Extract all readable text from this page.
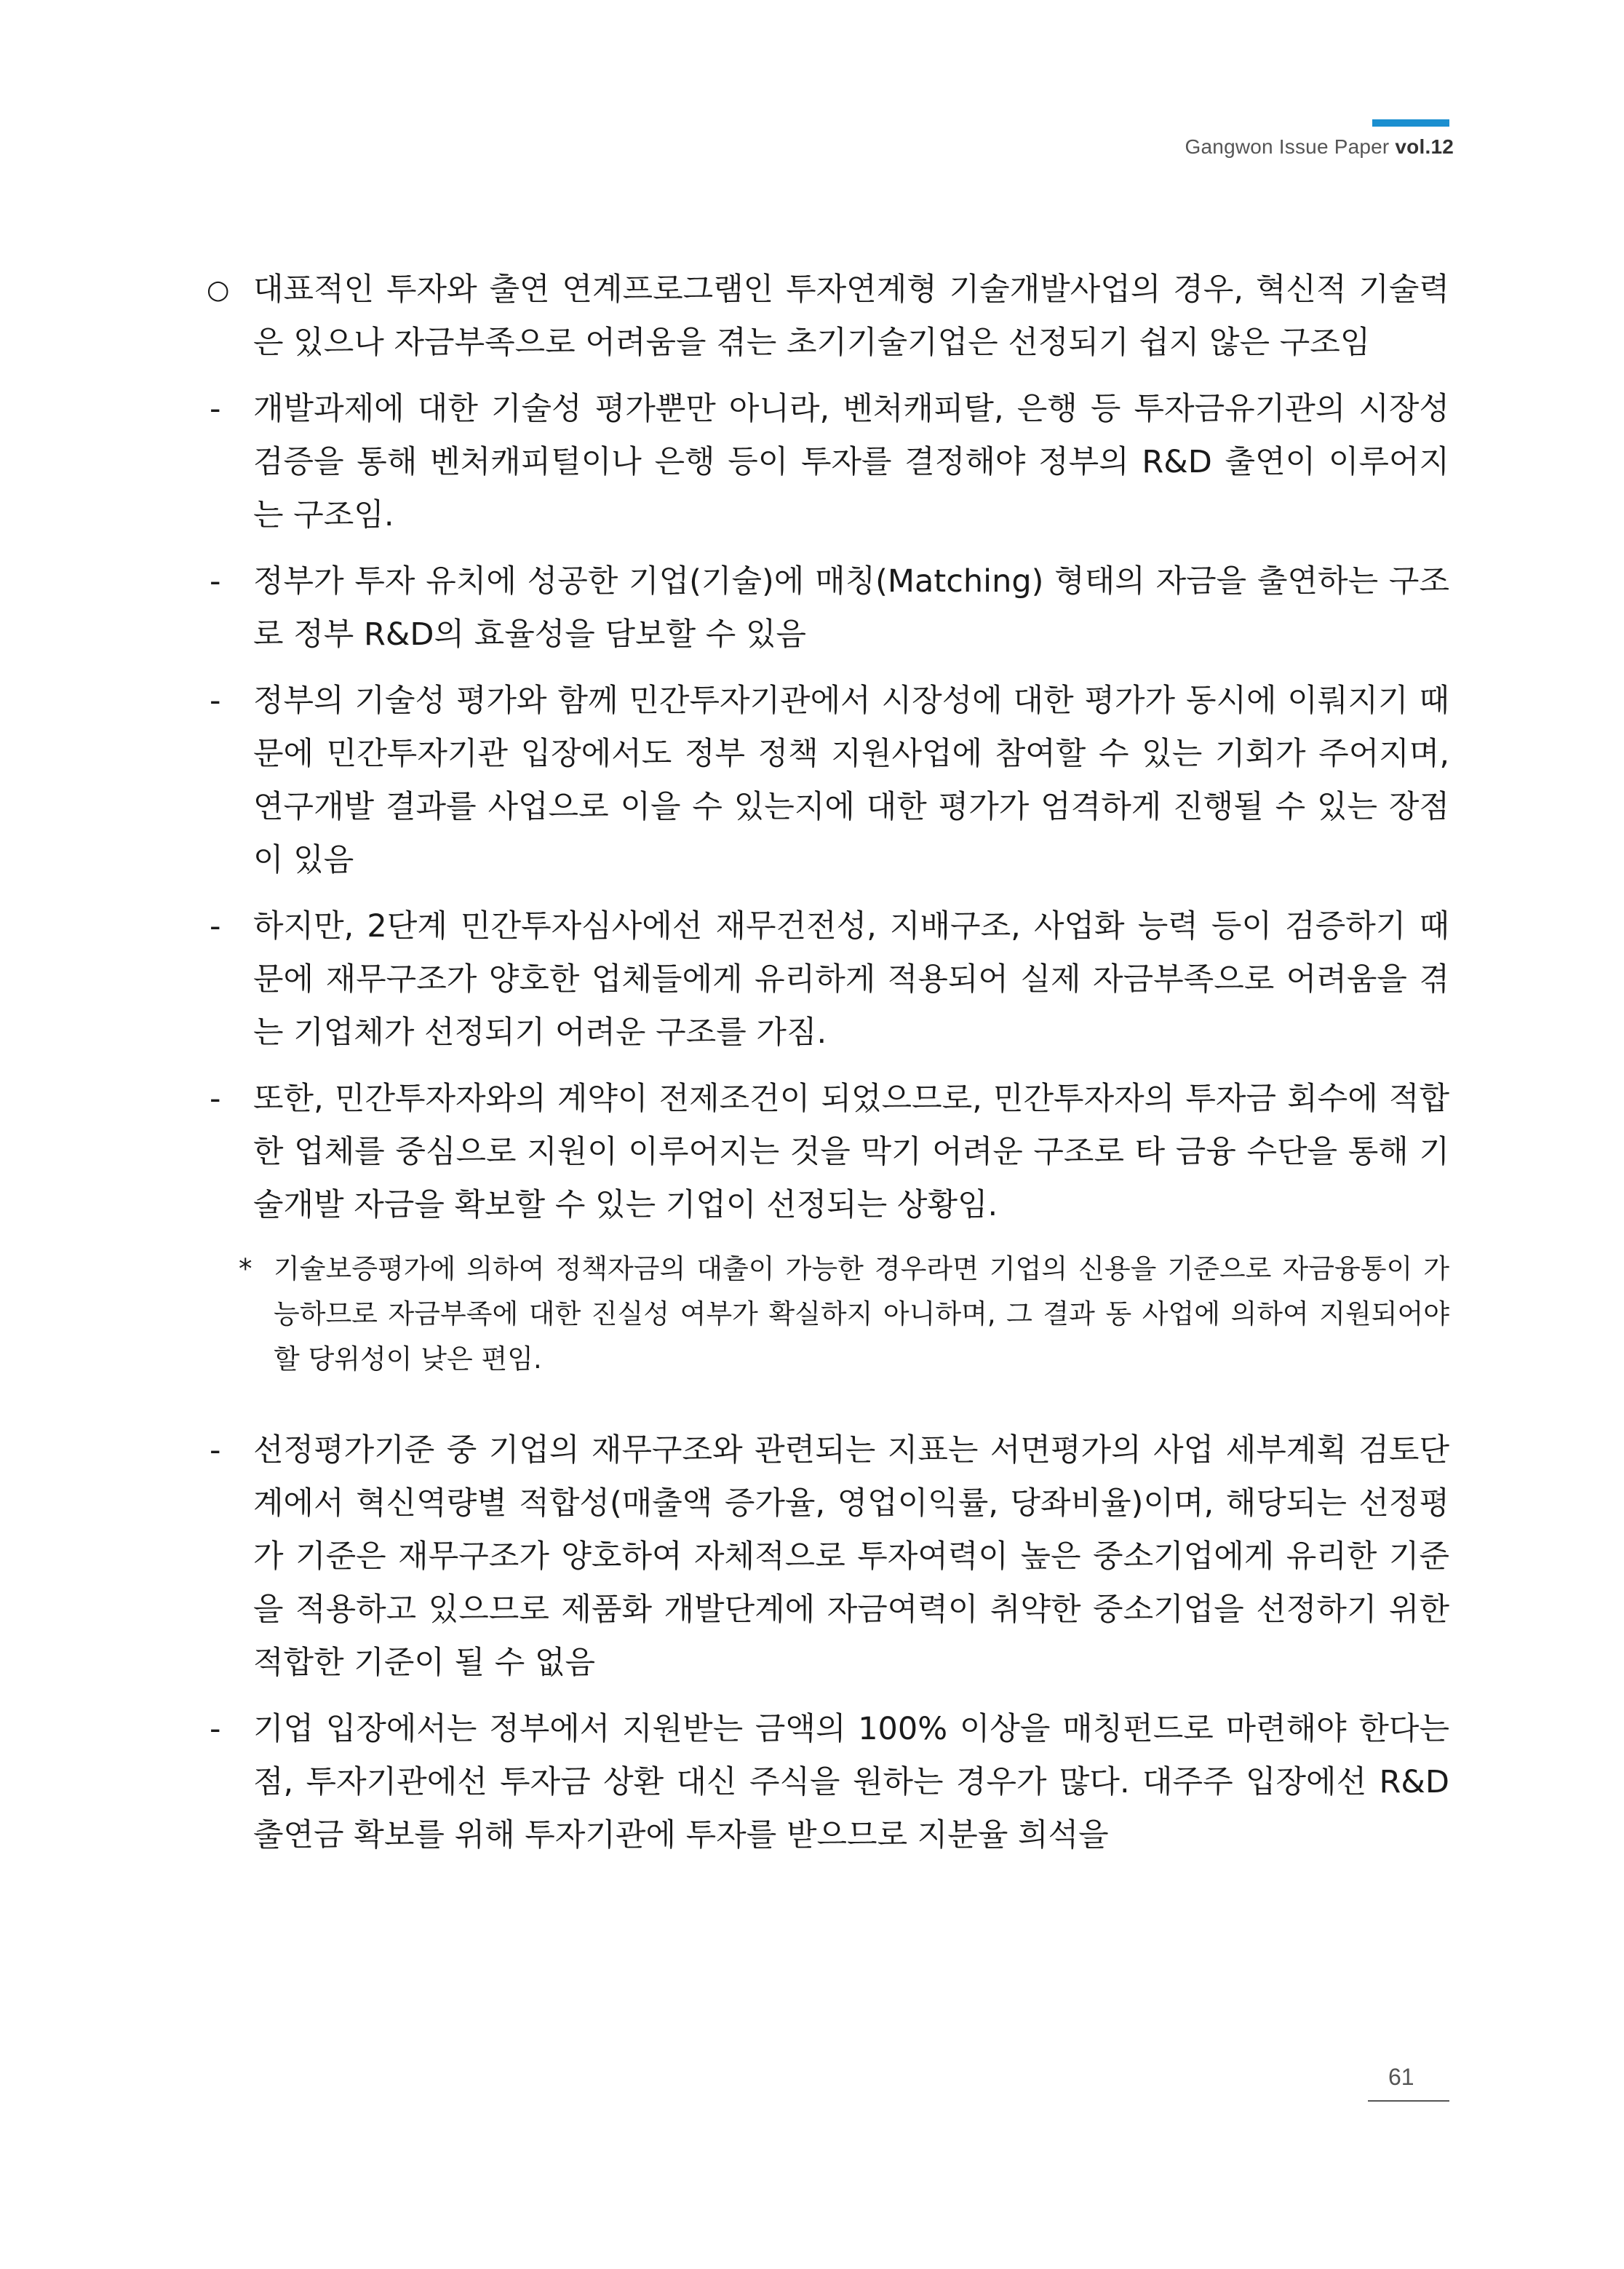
Gangwon Issue Paper vol.12

○ 대표적인 투자와 출연 연계프로그램인 투자연계형 기술개발사업의 경우, 혁신적 기술력은 있으나 자금부족으로 어려움을 겪는 초기기술기업은 선정되기 쉽지 않은 구조임

- 개발과제에 대한 기술성 평가뿐만 아니라, 벤처캐피탈, 은행 등 투자금유기관의 시장성 검증을 통해 벤처캐피털이나 은행 등이 투자를 결정해야 정부의 R&D 출연이 이루어지는 구조임.

- 정부가 투자 유치에 성공한 기업(기술)에 매칭(Matching) 형태의 자금을 출연하는 구조로 정부 R&D의 효율성을 담보할 수 있음

- 정부의 기술성 평가와 함께 민간투자기관에서 시장성에 대한 평가가 동시에 이뤄지기 때문에 민간투자기관 입장에서도 정부 정책 지원사업에 참여할 수 있는 기회가 주어지며, 연구개발 결과를 사업으로 이을 수 있는지에 대한 평가가 엄격하게 진행될 수 있는 장점이 있음

- 하지만, 2단계 민간투자심사에선 재무건전성, 지배구조, 사업화 능력 등이 검증하기 때문에 재무구조가 양호한 업체들에게 유리하게 적용되어 실제 자금부족으로 어려움을 겪는 기업체가 선정되기 어려운 구조를 가짐.

- 또한, 민간투자자와의 계약이 전제조건이 되었으므로, 민간투자자의 투자금 회수에 적합한 업체를 중심으로 지원이 이루어지는 것을 막기 어려운 구조로 타 금융 수단을 통해 기술개발 자금을 확보할 수 있는 기업이 선정되는 상황임.

* 기술보증평가에 의하여 정책자금의 대출이 가능한 경우라면 기업의 신용을 기준으로 자금융통이 가능하므로 자금부족에 대한 진실성 여부가 확실하지 아니하며, 그 결과 동 사업에 의하여 지원되어야할 당위성이 낮은 편임.

- 선정평가기준 중 기업의 재무구조와 관련되는 지표는 서면평가의 사업 세부계획 검토단계에서 혁신역량별 적합성(매출액 증가율, 영업이익률, 당좌비율)이며, 해당되는 선정평가 기준은 재무구조가 양호하여 자체적으로 투자여력이 높은 중소기업에게 유리한 기준을 적용하고 있으므로 제품화 개발단계에 자금여력이 취약한 중소기업을 선정하기 위한 적합한 기준이 될 수 없음

- 기업 입장에서는 정부에서 지원받는 금액의 100% 이상을 매칭펀드로 마련해야 한다는 점, 투자기관에선 투자금 상환 대신 주식을 원하는 경우가 많다. 대주주 입장에선 R&D 출연금 확보를 위해 투자기관에 투자를 받으므로 지분율 희석을

61
